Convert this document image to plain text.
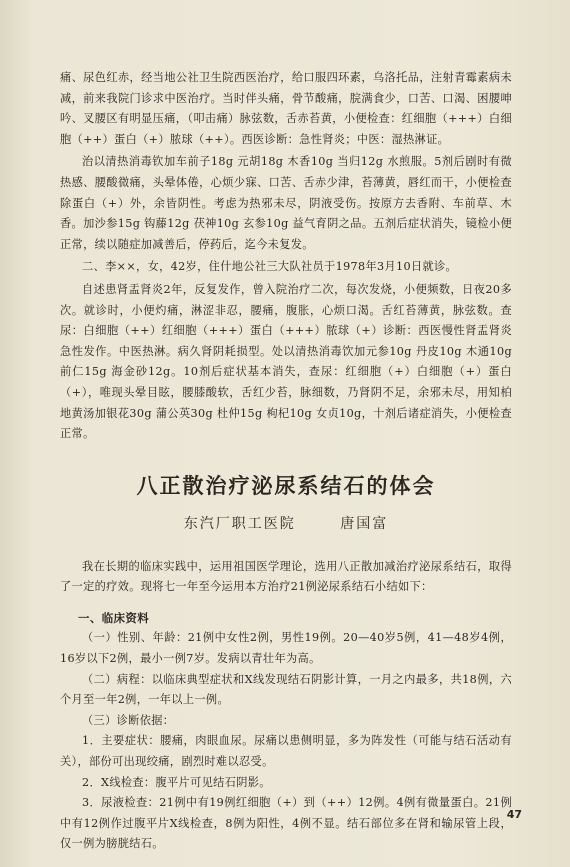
痛、尿色红赤，经当地公社卫生院西医治疗，给口服四环素，乌洛托品，注射青霉素病未减，前来我院门诊求中医治疗。当时伴头痛，骨节酸痛，脘满食少，口苦、口渴、困腰呻吟、叉腰区有明显压痛，（叩击痛）脉弦数，舌赤苔黄，小便检查：红细胞（+++）白细胞（++）蛋白（+）脓球（++）。西医诊断：急性肾炎；中医：湿热淋证。

治以清热消毒钦加车前子18g 元胡18g 木香10g 当归12g 水煎服。5剂后剧时有微热感、腰酸微痛，头晕体倦，心烦少寐、口苦、舌赤少津，苔薄黄，唇红而干，小便检查除蛋白（+）外，余皆阴性。考虑为热邪未尽，阴液受伤。按原方去香附、车前草、木香。加沙参15g 钩藤12g 茯神10g 玄参10g 益气育阴之品。五剂后症状消失，镜检小便正常，续以随症加减善后，停药后，迄今未复发。

二、李××，女，42岁，住什地公社三大队社员于1978年3月10日就诊。

自述患肾盂肾炎2年，反复发作，曾入院治疗二次，每次发烧，小便频数，日夜20多次。就诊时，小便灼痛，淋涩非忍，腰痛，腹胀，心烦口渴。舌红苔薄黄，脉弦数。查尿：白细胞（++）红细胞（+++）蛋白（+++）脓球（+）诊断：西医慢性肾盂肾炎急性发作。中医热淋。病久肾阴耗损型。处以清热消毒饮加元参10g 丹皮10g 木通10g 前仁15g 海金砂12g。10剂后症状基本消失，查尿：红细胞（+）白细胞（+）蛋白（+），唯现头晕目眩，腰膝酸软，舌红少苔，脉细数，乃肾阴不足，余邪未尽，用知柏地黄汤加银花30g 蒲公英30g 杜仲15g 枸杞10g 女贞10g，十剂后诸症消失，小便检查正常。

八正散治疗泌尿系结石的体会
东汽厂职工医院	唐国富

我在长期的临床实践中，运用祖国医学理论，选用八正散加减治疗泌尿系结石，取得了一定的疗效。现将七一年至今运用本方治疗21例泌尿系结石小结如下：

一、临床资料

（一）性别、年龄：21例中女性2例，男性19例。20—40岁5例，41—48岁4例，16岁以下2例，最小一例7岁。发病以青壮年为高。

（二）病程：以临床典型症状和X线发现结石阴影计算，一月之内最多，共18例，六个月至一年2例，一年以上一例。

（三）诊断依据：

1．主要症状：腰痛，肉眼血尿。尿痛以患侧明显，多为阵发性（可能与结石活动有关），部份可出现绞痛，剧烈时难以忍受。

2．X线检查：腹平片可见结石阴影。

3．尿液检查：21例中有19例红细胞（+）到（++）12例。4例有微量蛋白。21例中有12例作过腹平片X线检查，8例为阳性，4例不显。结石部位多在肾和输尿管上段，仅一例为膀胱结石。

47
